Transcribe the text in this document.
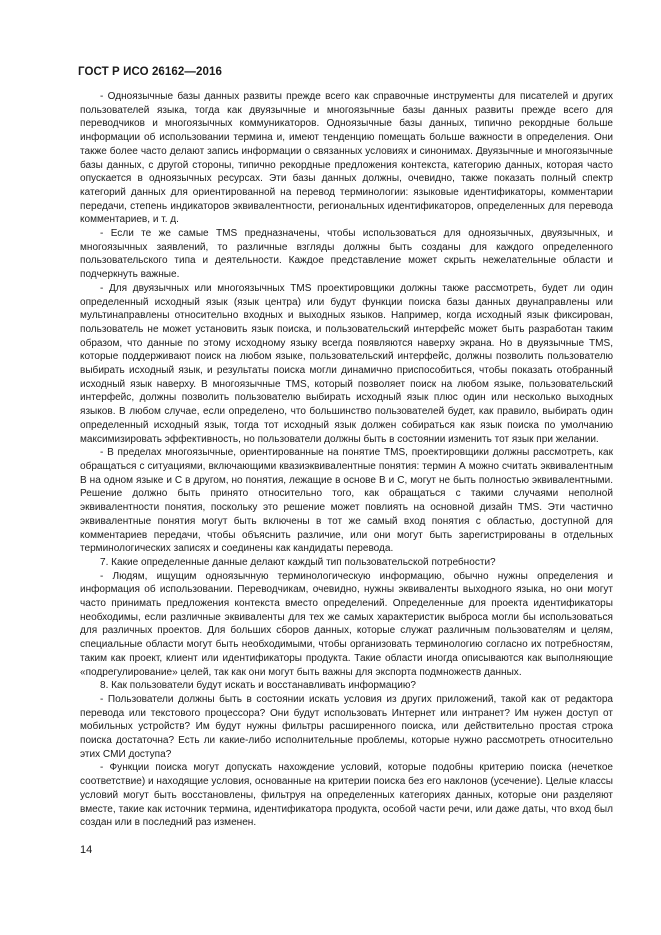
ГОСТ Р ИСО 26162—2016

- Одноязычные базы данных развиты прежде всего как справочные инструменты для писателей и других пользователей языка, тогда как двуязычные и многоязычные базы данных развиты прежде всего для переводчиков и многоязычных коммуникаторов. Одноязычные базы данных, типично рекордные больше информации об использовании термина и, имеют тенденцию помещать больше важности в определения. Они также более часто делают запись информации о связанных условиях и синонимах. Двуязычные и многоязычные базы данных, с другой стороны, типично рекордные предложения контекста, категорию данных, которая часто опускается в одноязычных ресурсах. Эти базы данных должны, очевидно, также показать полный спектр категорий данных для ориентированной на перевод терминологии: языковые идентификаторы, комментарии передачи, степень индикаторов эквивалентности, региональных идентификаторов, определенных для перевода комментариев, и т. д.

- Если те же самые TMS предназначены, чтобы использоваться для одноязычных, двуязычных, и многоязычных заявлений, то различные взгляды должны быть созданы для каждого определенного пользовательского типа и деятельности. Каждое представление может скрыть нежелательные области и подчеркнуть важные.

- Для двуязычных или многоязычных TMS проектировщики должны также рассмотреть, будет ли один определенный исходный язык (язык центра) или будут функции поиска базы данных двунаправлены или мультинаправлены относительно входных и выходных языков. Например, когда исходный язык фиксирован, пользователь не может установить язык поиска, и пользовательский интерфейс может быть разработан таким образом, что данные по этому исходному языку всегда появляются наверху экрана. Но в двуязычные TMS, которые поддерживают поиск на любом языке, пользовательский интерфейс, должны позволить пользователю выбирать исходный язык, и результаты поиска могли динамично приспособиться, чтобы показать отобранный исходный язык наверху. В многоязычные TMS, который позволяет поиск на любом языке, пользовательский интерфейс, должны позволить пользователю выбирать исходный язык плюс один или несколько выходных языков. В любом случае, если определено, что большинство пользователей будет, как правило, выбирать один определенный исходный язык, тогда тот исходный язык должен собираться как язык поиска по умолчанию максимизировать эффективность, но пользователи должны быть в состоянии изменить тот язык при желании.

- В пределах многоязычные, ориентированные на понятие TMS, проектировщики должны рассмотреть, как обращаться с ситуациями, включающими квазиэквивалентные понятия: термин А можно считать эквивалентным В на одном языке и С в другом, но понятия, лежащие в основе В и С, могут не быть полностью эквивалентными. Решение должно быть принято относительно того, как обращаться с такими случаями неполной эквивалентности понятия, поскольку это решение может повлиять на основной дизайн TMS. Эти частично эквивалентные понятия могут быть включены в тот же самый вход понятия с областью, доступной для комментариев передачи, чтобы объяснить различие, или они могут быть зарегистрированы в отдельных терминологических записях и соединены как кандидаты перевода.

7. Какие определенные данные делают каждый тип пользовательской потребности?

- Людям, ищущим одноязычную терминологическую информацию, обычно нужны определения и информация об использовании. Переводчикам, очевидно, нужны эквиваленты выходного языка, но они могут часто принимать предложения контекста вместо определений. Определенные для проекта идентификаторы необходимы, если различные эквиваленты для тех же самых характеристик выброса могли бы использоваться для различных проектов. Для больших сборов данных, которые служат различным пользователям и целям, специальные области могут быть необходимыми, чтобы организовать терминологию согласно их потребностям, таким как проект, клиент или идентификаторы продукта. Такие области иногда описываются как выполняющие «подрегулирование» целей, так как они могут быть важны для экспорта подмножеств данных.

8. Как пользователи будут искать и восстанавливать информацию?

- Пользователи должны быть в состоянии искать условия из других приложений, такой как от редактора перевода или текстового процессора? Они будут использовать Интернет или интранет? Им нужен доступ от мобильных устройств? Им будут нужны фильтры расширенного поиска, или действительно простая строка поиска достаточна? Есть ли какие-либо исполнительные проблемы, которые нужно рассмотреть относительно этих СМИ доступа?

- Функции поиска могут допускать нахождение условий, которые подобны критерию поиска (нечеткое соответствие) и находящие условия, основанные на критерии поиска без его наклонов (усечение). Целые классы условий могут быть восстановлены, фильтруя на определенных категориях данных, которые они разделяют вместе, такие как источник термина, идентификатора продукта, особой части речи, или даже даты, что вход был создан или в последний раз изменен.

14
